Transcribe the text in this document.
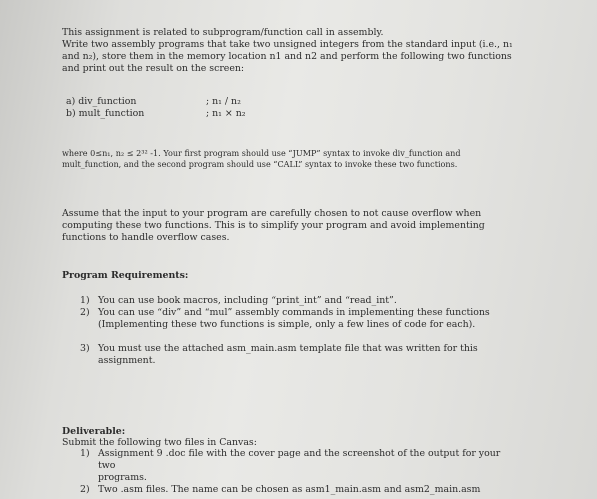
This assignment is related to subprogram/function call in assembly.
Write two assembly programs that take two unsigned integers from the standard input (i.e., n₁
and n₂), store them in the memory location n1 and n2 and perform the following two functions
and print out the result on the screen:
a) div_function	; n₁ / n₂
b) mult_function	; n₁ × n₂
where 0≤n₁, n₂ ≤ 2³² -1. Your first program should use “JUMP” syntax to invoke div_function and
mult_function, and the second program should use “CALL” syntax to invoke these two functions.
Assume that the input to your program are carefully chosen to not cause overflow when
computing these two functions. This is to simplify your program and avoid implementing
functions to handle overflow cases.
Program Requirements:
1) You can use book macros, including “print_int” and “read_int”.
2) You can use “div” and “mul” assembly commands in implementing these functions
(Implementing these two functions is simple, only a few lines of code for each).
3) You must use the attached asm_main.asm template file that was written for this
assignment.
Deliverable:
Submit the following two files in Canvas:
1) Assignment 9 .doc file with the cover page and the screenshot of the output for your two
programs.
2) Two .asm files. The name can be chosen as asm1_main.asm and asm2_main.asm
